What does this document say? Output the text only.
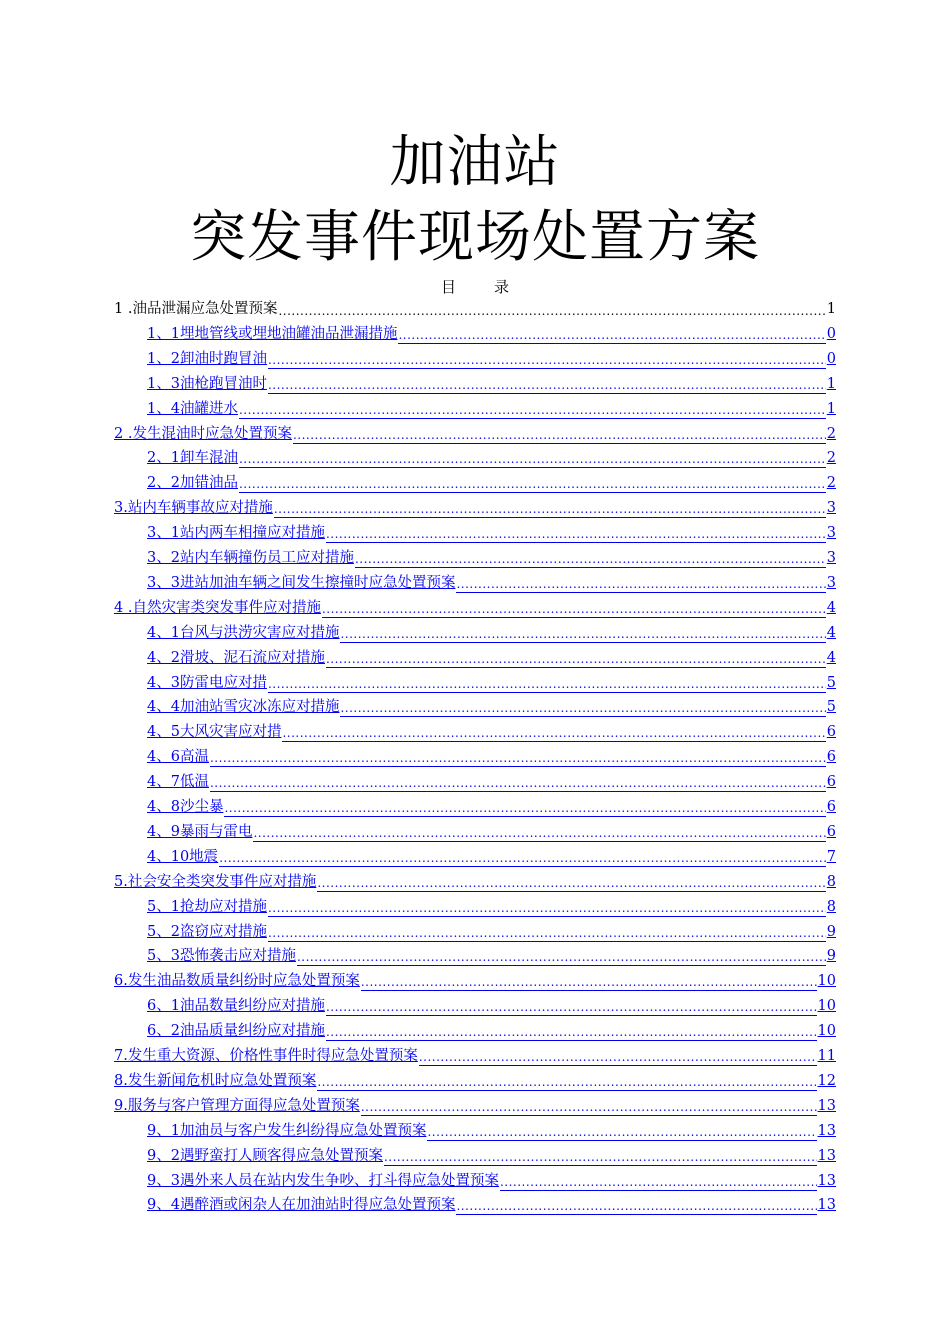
加油站
突发事件现场处置方案
目录
1 .油品泄漏应急处置预案 .....	1
1、1埋地管线或埋地油罐油品泄漏措施 .....	0
1、2卸油时跑冒油 .....	0
1、3油枪跑冒油时 .....	1
1、4油罐进水 .....	1
2 .发生混油时应急处置预案 .....	2
2、1卸车混油 .....	2
2、2加错油品 .....	2
3.站内车辆事故应对措施 .....	3
3、1站内两车相撞应对措施 .....	3
3、2站内车辆撞伤员工应对措施 .....	3
3、3进站加油车辆之间发生擦撞时应急处置预案 .....	3
4 .自然灾害类突发事件应对措施 .....	4
4、1台风与洪涝灾害应对措施 .....	4
4、2滑坡、泥石流应对措施 .....	4
4、3防雷电应对措 .....	5
4、4加油站雪灾冰冻应对措施 .....	5
4、5大风灾害应对措 .....	6
4、6高温 .....	6
4、7低温 .....	6
4、8沙尘暴 .....	6
4、9暴雨与雷电 .....	6
4、10地震 .....	7
5.社会安全类突发事件应对措施 .....	8
5、1抢劫应对措施 .....	8
5、2盗窃应对措施 .....	9
5、3恐怖袭击应对措施 .....	9
6.发生油品数质量纠纷时应急处置预案 .....	10
6、1油品数量纠纷应对措施 .....	10
6、2油品质量纠纷应对措施 .....	10
7.发生重大资源、价格性事件时得应急处置预案 .....	11
8.发生新闻危机时应急处置预案 .....	12
9.服务与客户管理方面得应急处置预案 .....	13
9、1加油员与客户发生纠纷得应急处置预案 .....	13
9、2遇野蛮打人顾客得应急处置预案 .....	13
9、3遇外来人员在站内发生争吵、打斗得应急处置预案 .....	13
9、4遇醉酒或闲杂人在加油站时得应急处置预案 .....	13
